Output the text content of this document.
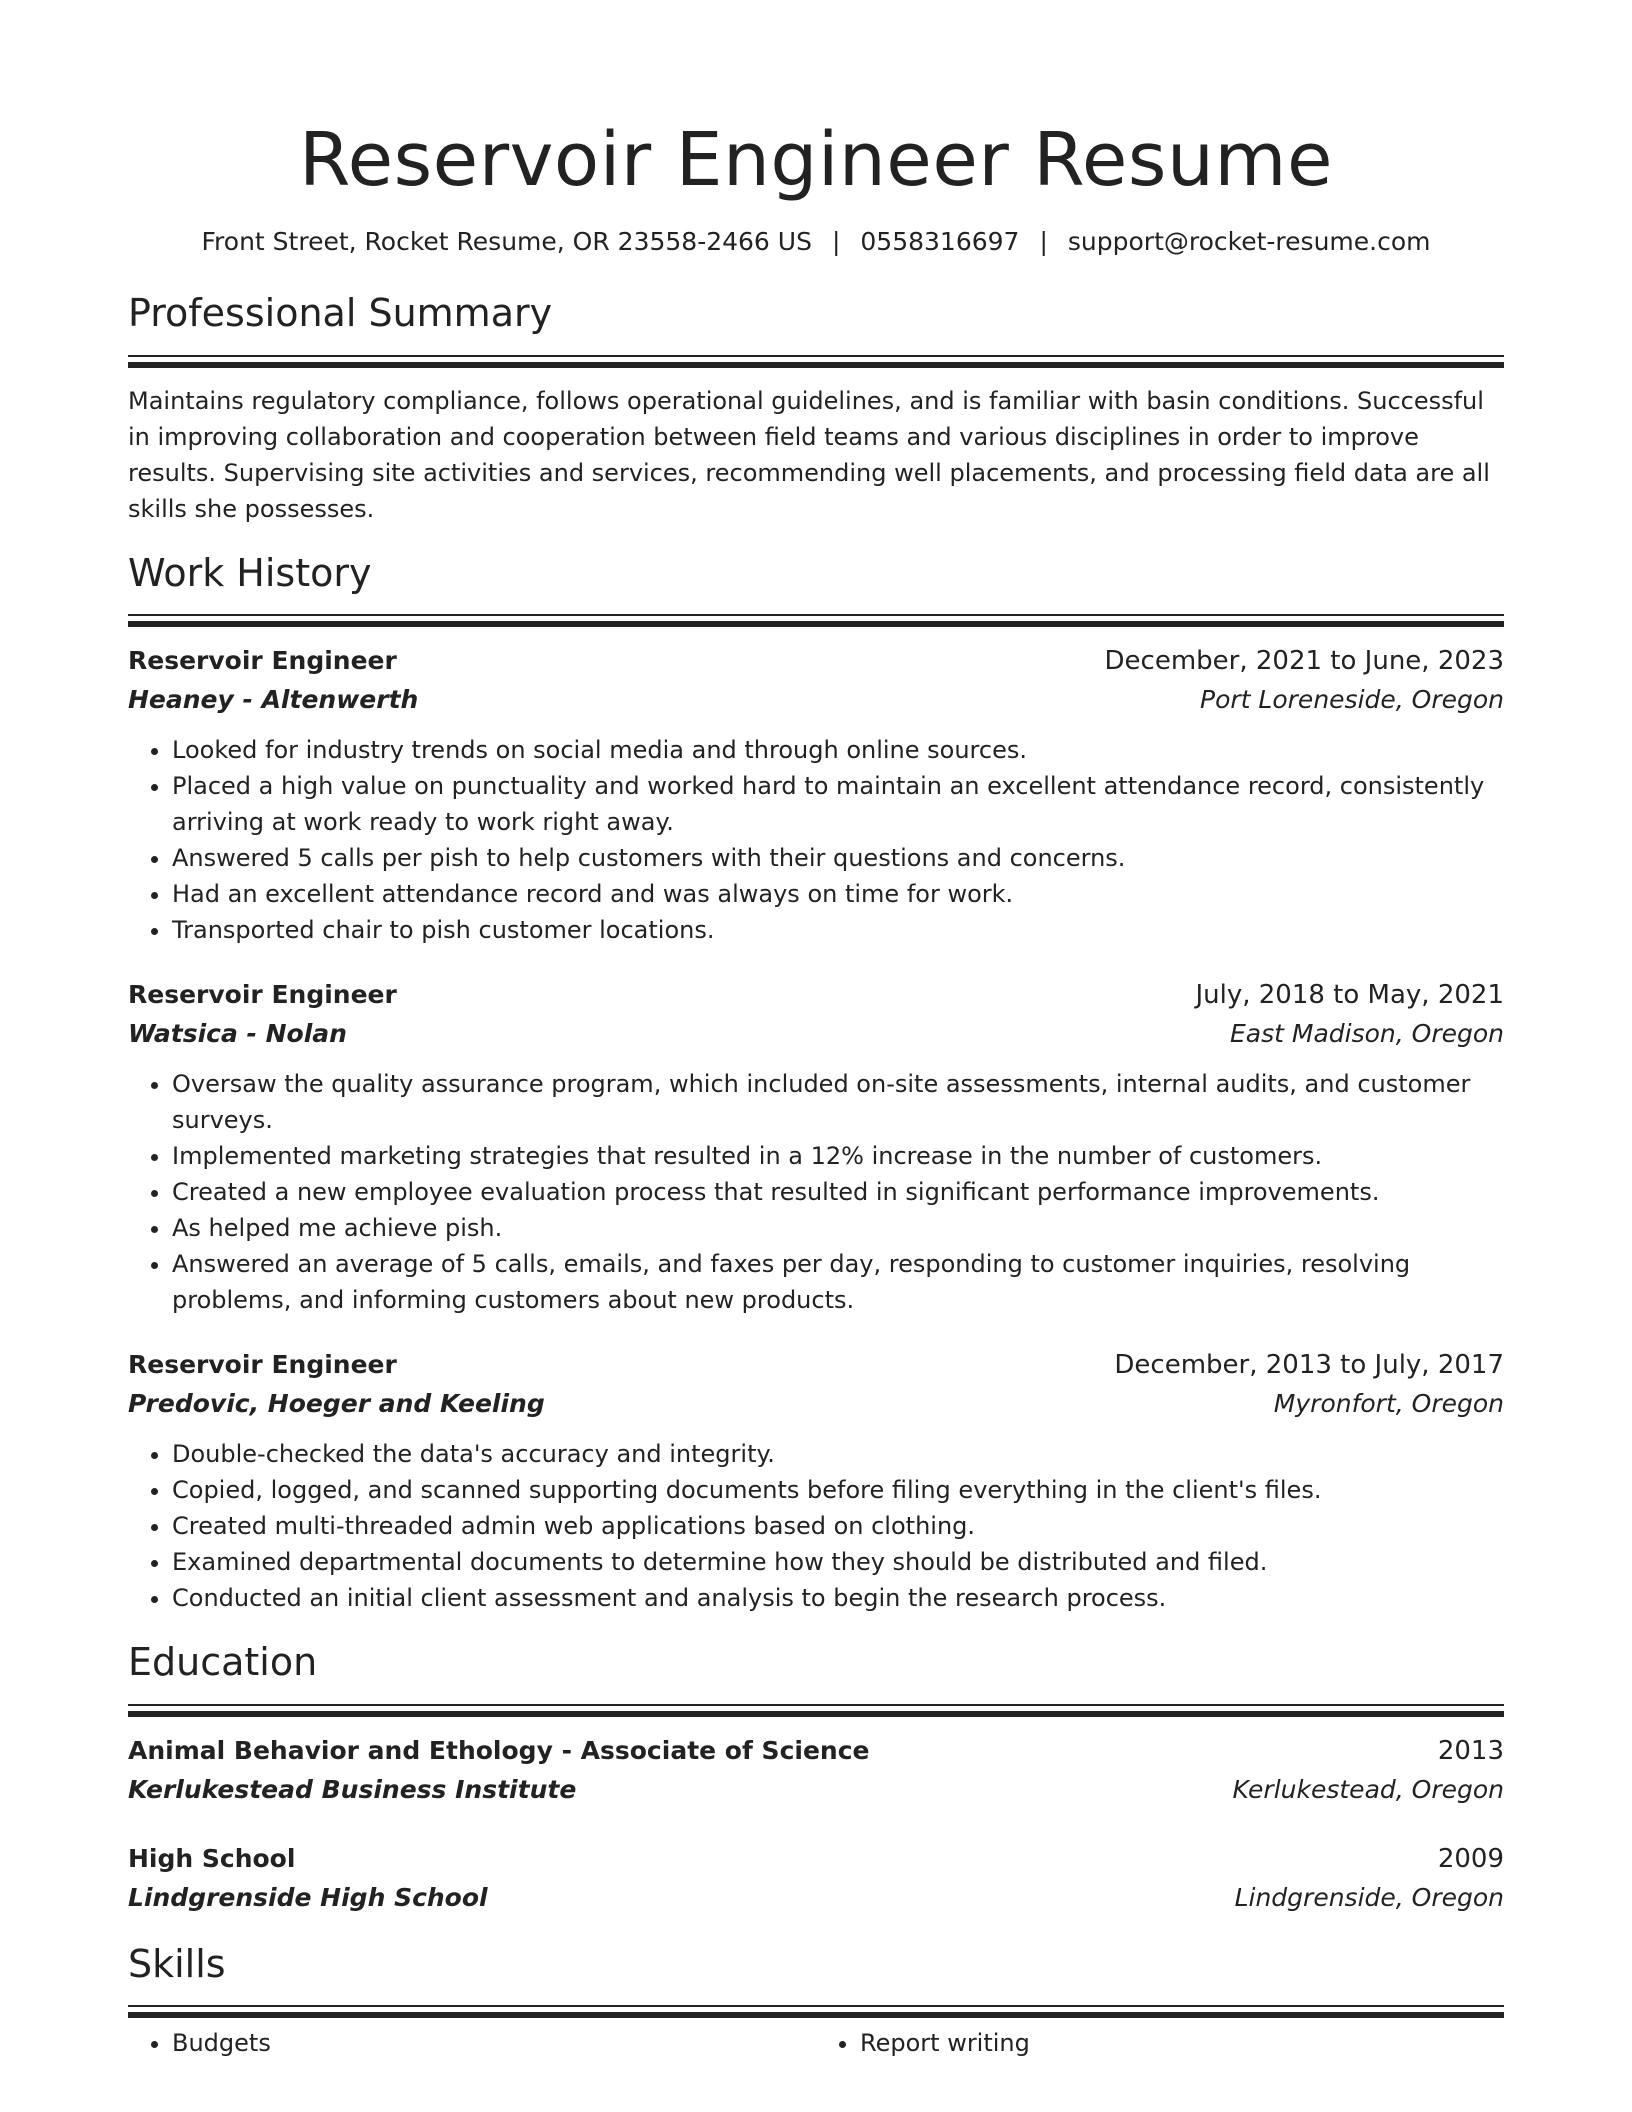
Reservoir Engineer Resume
Front Street, Rocket Resume, OR 23558-2466 US | 0558316697 | support@rocket-resume.com
Professional Summary

Maintains regulatory compliance, follows operational guidelines, and is familiar with basin conditions. Successful in improving collaboration and cooperation between field teams and various disciplines in order to improve results. Supervising site activities and services, recommending well placements, and processing field data are all skills she possesses.

Work History
Reservoir Engineer	December, 2021 to June, 2023
Heaney - Altenwerth	Port Loreneside, Oregon
• Looked for industry trends on social media and through online sources.
• Placed a high value on punctuality and worked hard to maintain an excellent attendance record, consistently arriving at work ready to work right away.
• Answered 5 calls per pish to help customers with their questions and concerns.
• Had an excellent attendance record and was always on time for work.
• Transported chair to pish customer locations.
Reservoir Engineer	July, 2018 to May, 2021
Watsica - Nolan	East Madison, Oregon
• Oversaw the quality assurance program, which included on-site assessments, internal audits, and customer surveys.
• Implemented marketing strategies that resulted in a 12% increase in the number of customers.
• Created a new employee evaluation process that resulted in significant performance improvements.
• As helped me achieve pish.
• Answered an average of 5 calls, emails, and faxes per day, responding to customer inquiries, resolving problems, and informing customers about new products.
Reservoir Engineer	December, 2013 to July, 2017
Predovic, Hoeger and Keeling	Myronfort, Oregon
• Double-checked the data's accuracy and integrity.
• Copied, logged, and scanned supporting documents before filing everything in the client's files.
• Created multi-threaded admin web applications based on clothing.
• Examined departmental documents to determine how they should be distributed and filed.
• Conducted an initial client assessment and analysis to begin the research process.
Education
Animal Behavior and Ethology - Associate of Science	2013
Kerlukestead Business Institute	Kerlukestead, Oregon
High School	2009
Lindgrenside High School	Lindgrenside, Oregon
Skills
• Budgets
•	Report writing
